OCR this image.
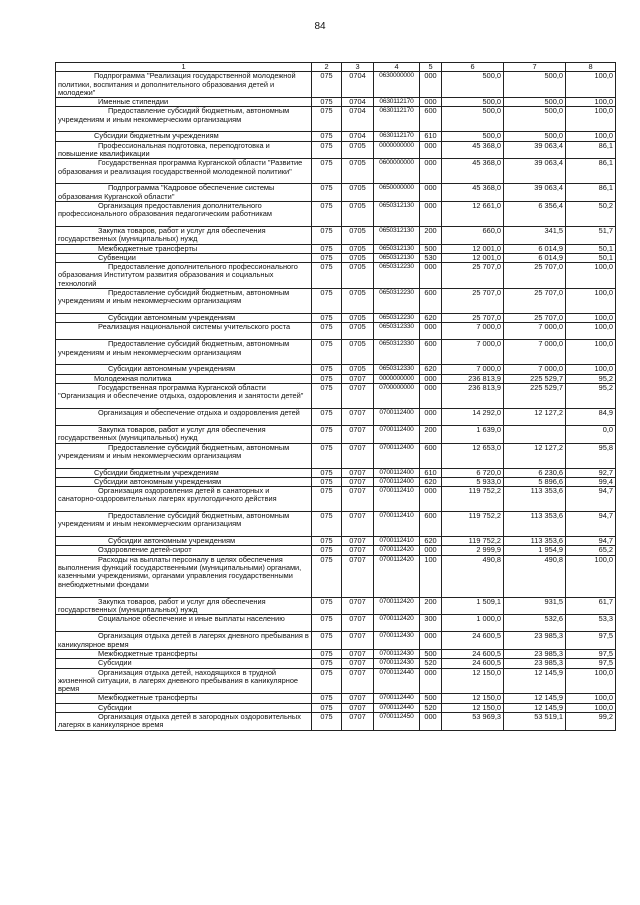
84
1	2	3	4	5	6	7	8
Подпрограмма "Реализация государственной молодежной политики, воспитания и дополнительного образования детей и молодежи"	075	0704	0630000000	000	500,0	500,0	100,0
Именные стипендии	075	0704	0630112170	000	500,0	500,0	100,0
Предоставление субсидий бюджетным, автономным учреждениям и иным некоммерческим организациям	075	0704	0630112170	600	500,0	500,0	100,0
Субсидии бюджетным учреждениям	075	0704	0630112170	610	500,0	500,0	100,0
Профессиональная подготовка, переподготовка и повышение квалификации	075	0705	0000000000	000	45 368,0	39 063,4	86,1
Государственная программа Курганской области "Развитие образования и реализация государственной молодежной политики"	075	0705	0600000000	000	45 368,0	39 063,4	86,1
Подпрограмма "Кадровое обеспечение системы образования Курганской области"	075	0705	0650000000	000	45 368,0	39 063,4	86,1
Организация предоставления дополнительного профессионального образования педагогическим работникам	075	0705	0650312130	000	12 661,0	6 356,4	50,2
Закупка товаров, работ и услуг для обеспечения государственных (муниципальных) нужд	075	0705	0650312130	200	660,0	341,5	51,7
Межбюджетные трансферты	075	0705	0650312130	500	12 001,0	6 014,9	50,1
Субвенции	075	0705	0650312130	530	12 001,0	6 014,9	50,1
Предоставление дополнительного профессионального образования Институтом развития образования и социальных технологий	075	0705	0650312230	000	25 707,0	25 707,0	100,0
Предоставление субсидий бюджетным, автономным учреждениям и иным некоммерческим организациям	075	0705	0650312230	600	25 707,0	25 707,0	100,0
Субсидии автономным учреждениям	075	0705	0650312230	620	25 707,0	25 707,0	100,0
Реализация национальной системы учительского роста	075	0705	0650312330	000	7 000,0	7 000,0	100,0
Предоставление субсидий бюджетным, автономным учреждениям и иным некоммерческим организациям	075	0705	0650312330	600	7 000,0	7 000,0	100,0
Субсидии автономным учреждениям	075	0705	0650312330	620	7 000,0	7 000,0	100,0
Молодежная политика	075	0707	0000000000	000	236 813,9	225 529,7	95,2
Государственная программа Курганской области "Организация и обеспечение отдыха, оздоровления и занятости детей"	075	0707	0700000000	000	236 813,9	225 529,7	95,2
Организация и обеспечение отдыха и оздоровления детей	075	0707	0700112400	000	14 292,0	12 127,2	84,9
Закупка товаров, работ и услуг для обеспечения государственных (муниципальных) нужд	075	0707	0700112400	200	1 639,0		0,0
Предоставление субсидий бюджетным, автономным учреждениям и иным некоммерческим организациям	075	0707	0700112400	600	12 653,0	12 127,2	95,8
Субсидии бюджетным учреждениям	075	0707	0700112400	610	6 720,0	6 230,6	92,7
Субсидии автономным учреждениям	075	0707	0700112400	620	5 933,0	5 896,6	99,4
Организация оздоровления детей в санаторных и санаторно-оздоровительных лагерях круглогодичного действия	075	0707	0700112410	000	119 752,2	113 353,6	94,7
Предоставление субсидий бюджетным, автономным учреждениям и иным некоммерческим организациям	075	0707	0700112410	600	119 752,2	113 353,6	94,7
Субсидии автономным учреждениям	075	0707	0700112410	620	119 752,2	113 353,6	94,7
Оздоровление детей-сирот	075	0707	0700112420	000	2 999,9	1 954,9	65,2
Расходы на выплаты персоналу в целях обеспечения выполнения функций государственными (муниципальными) органами, казенными учреждениями, органами управления государственными внебюджетными фондами	075	0707	0700112420	100	490,8	490,8	100,0
Закупка товаров, работ и услуг для обеспечения государственных (муниципальных) нужд	075	0707	0700112420	200	1 509,1	931,5	61,7
Социальное обеспечение и иные выплаты населению	075	0707	0700112420	300	1 000,0	532,6	53,3
Организация отдыха детей в лагерях дневного пребывания в каникулярное время	075	0707	0700112430	000	24 600,5	23 985,3	97,5
Межбюджетные трансферты	075	0707	0700112430	500	24 600,5	23 985,3	97,5
Субсидии	075	0707	0700112430	520	24 600,5	23 985,3	97,5
Организация отдыха детей, находящихся в трудной жизненной ситуации, в лагерях дневного пребывания в каникулярное время	075	0707	0700112440	000	12 150,0	12 145,9	100,0
Межбюджетные трансферты	075	0707	0700112440	500	12 150,0	12 145,9	100,0
Субсидии	075	0707	0700112440	520	12 150,0	12 145,9	100,0
Организация отдыха детей в загородных оздоровительных лагерях в каникулярное время	075	0707	0700112450	000	53 969,3	53 519,1	99,2
